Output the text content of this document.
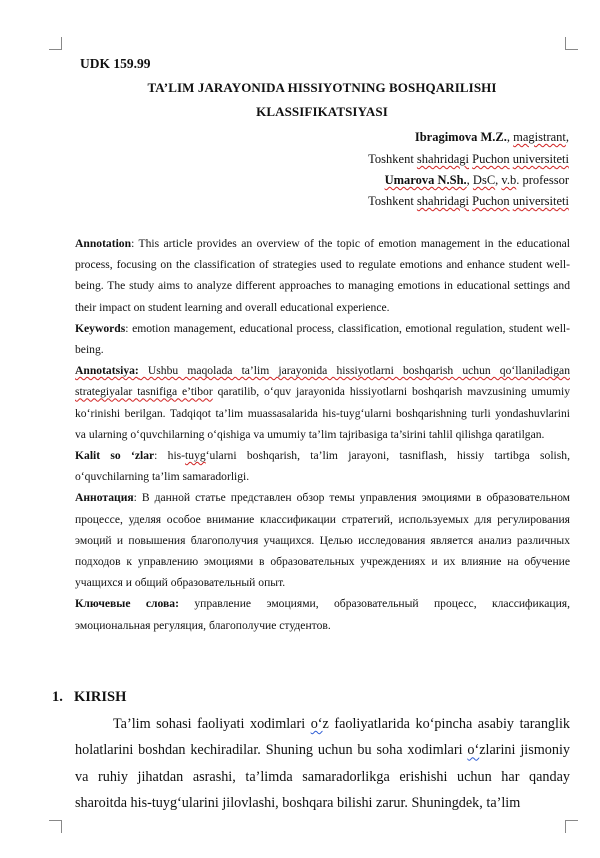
UDK 159.99
TA’LIM JARAYONIDA HISSIYOTNING BOSHQARILISHI
KLASSIFIKATSIYASI
Ibragimova M.Z., magistrant,
Toshkent shahridagi Puchon universiteti
Umarova N.Sh., DsC, v.b. professor
Toshkent shahridagi Puchon universiteti

Annotation: This article provides an overview of the topic of emotion management in the educational process, focusing on the classification of strategies used to regulate emotions and enhance student well-being. The study aims to analyze different approaches to managing emotions in educational settings and their impact on student learning and overall educational experience.

Keywords: emotion management, educational process, classification, emotional regulation, student well-being.

Annotatsiya: Ushbu maqolada ta’lim jarayonida hissiyotlarni boshqarish uchun qo‘llaniladigan strategiyalar tasnifiga e’tibor qaratilib, o‘quv jarayonida hissiyotlarni boshqarish mavzusining umumiy ko‘rinishi berilgan. Tadqiqot ta’lim muassasalarida his-tuyg‘ularni boshqarishning turli yondashuvlarini va ularning o‘quvchilarning o‘qishiga va umumiy ta’lim tajribasiga ta’sirini tahlil qilishga qaratilgan.

Kalit so ‘zlar: his-tuyg‘ularni boshqarish, ta’lim jarayoni, tasniflash, hissiy tartibga solish, o‘quvchilarning ta’lim samaradorligi.

Аннотация: В данной статье представлен обзор темы управления эмоциями в образовательном процессе, уделяя особое внимание классификации стратегий, используемых для регулирования эмоций и повышения благополучия учащихся. Целью исследования является анализ различных подходов к управлению эмоциями в образовательных учреждениях и их влияние на обучение учащихся и общий образовательный опыт.

Ключевые слова: управление эмоциями, образовательный процесс, классификация, эмоциональная регуляция, благополучие студентов.

1. KIRISH

Ta’lim sohasi faoliyati xodimlari o‘z faoliyatlarida ko‘pincha asabiy taranglik holatlarini boshdan kechiradilar. Shuning uchun bu soha xodimlari o‘zlarini jismoniy va ruhiy jihatdan asrashi, ta’limda samaradorlikga erishishi uchun har qanday sharoitda his-tuyg‘ularini jilovlashi, boshqara bilishi zarur. Shuningdek, ta’lim
